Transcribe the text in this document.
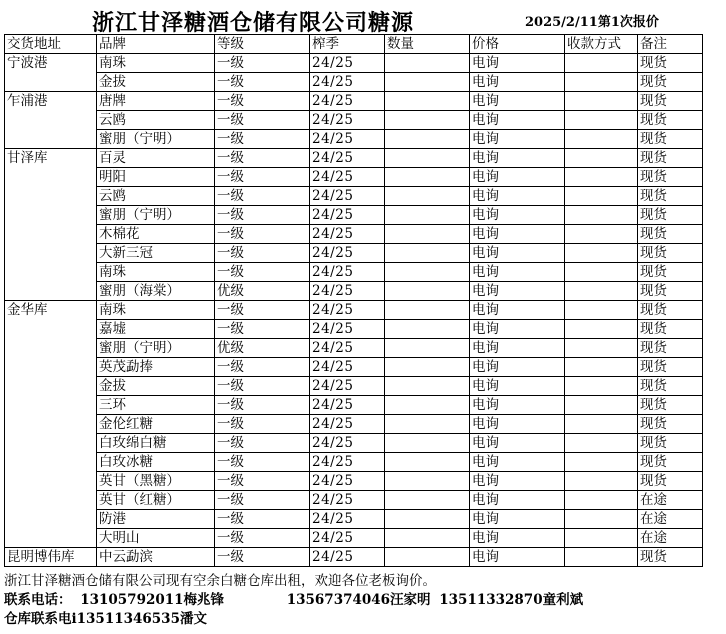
浙江甘泽糖酒仓储有限公司糖源	2025/2/11第1次报价
交货地址	品牌	等级	榨季	数量	价格	收款方式	备注
宁波港	南珠	一级	24/25		电询		现货
	金拔	一级	24/25		电询		现货
乍浦港	唐牌	一级	24/25		电询		现货
	云鸥	一级	24/25		电询		现货
	蜜朋（宁明）	一级	24/25		电询		现货
甘泽库	百灵	一级	24/25		电询		现货
	明阳	一级	24/25		电询		现货
	云鸥	一级	24/25		电询		现货
	蜜朋（宁明）	一级	24/25		电询		现货
	木棉花	一级	24/25		电询		现货
	大新三冠	一级	24/25		电询		现货
	南珠	一级	24/25		电询		现货
	蜜朋（海棠）	优级	24/25		电询		现货
金华库	南珠	一级	24/25		电询		现货
	嘉墟	一级	24/25		电询		现货
	蜜朋（宁明）	优级	24/25		电询		现货
	英茂勐捧	一级	24/25		电询		现货
	金拔	一级	24/25		电询		现货
	三环	一级	24/25		电询		现货
	金伦红糖	一级	24/25		电询		现货
	白玫绵白糖	一级	24/25		电询		现货
	白玫冰糖	一级	24/25		电询		现货
	英甘（黑糖）	一级	24/25		电询		现货
	英甘（红糖）	一级	24/25		电询		在途
	防港	一级	24/25		电询		在途
	大明山	一级	24/25		电询		在途
昆明博伟库	中云勐滨	一级	24/25		电询		现货
浙江甘泽糖酒仓储有限公司现有空余白糖仓库出租，欢迎各位老板询价。
联系电话： 13105792011梅兆锋	13567374046汪家明 13511332870童利斌
仓库联系电i13511346535潘文
